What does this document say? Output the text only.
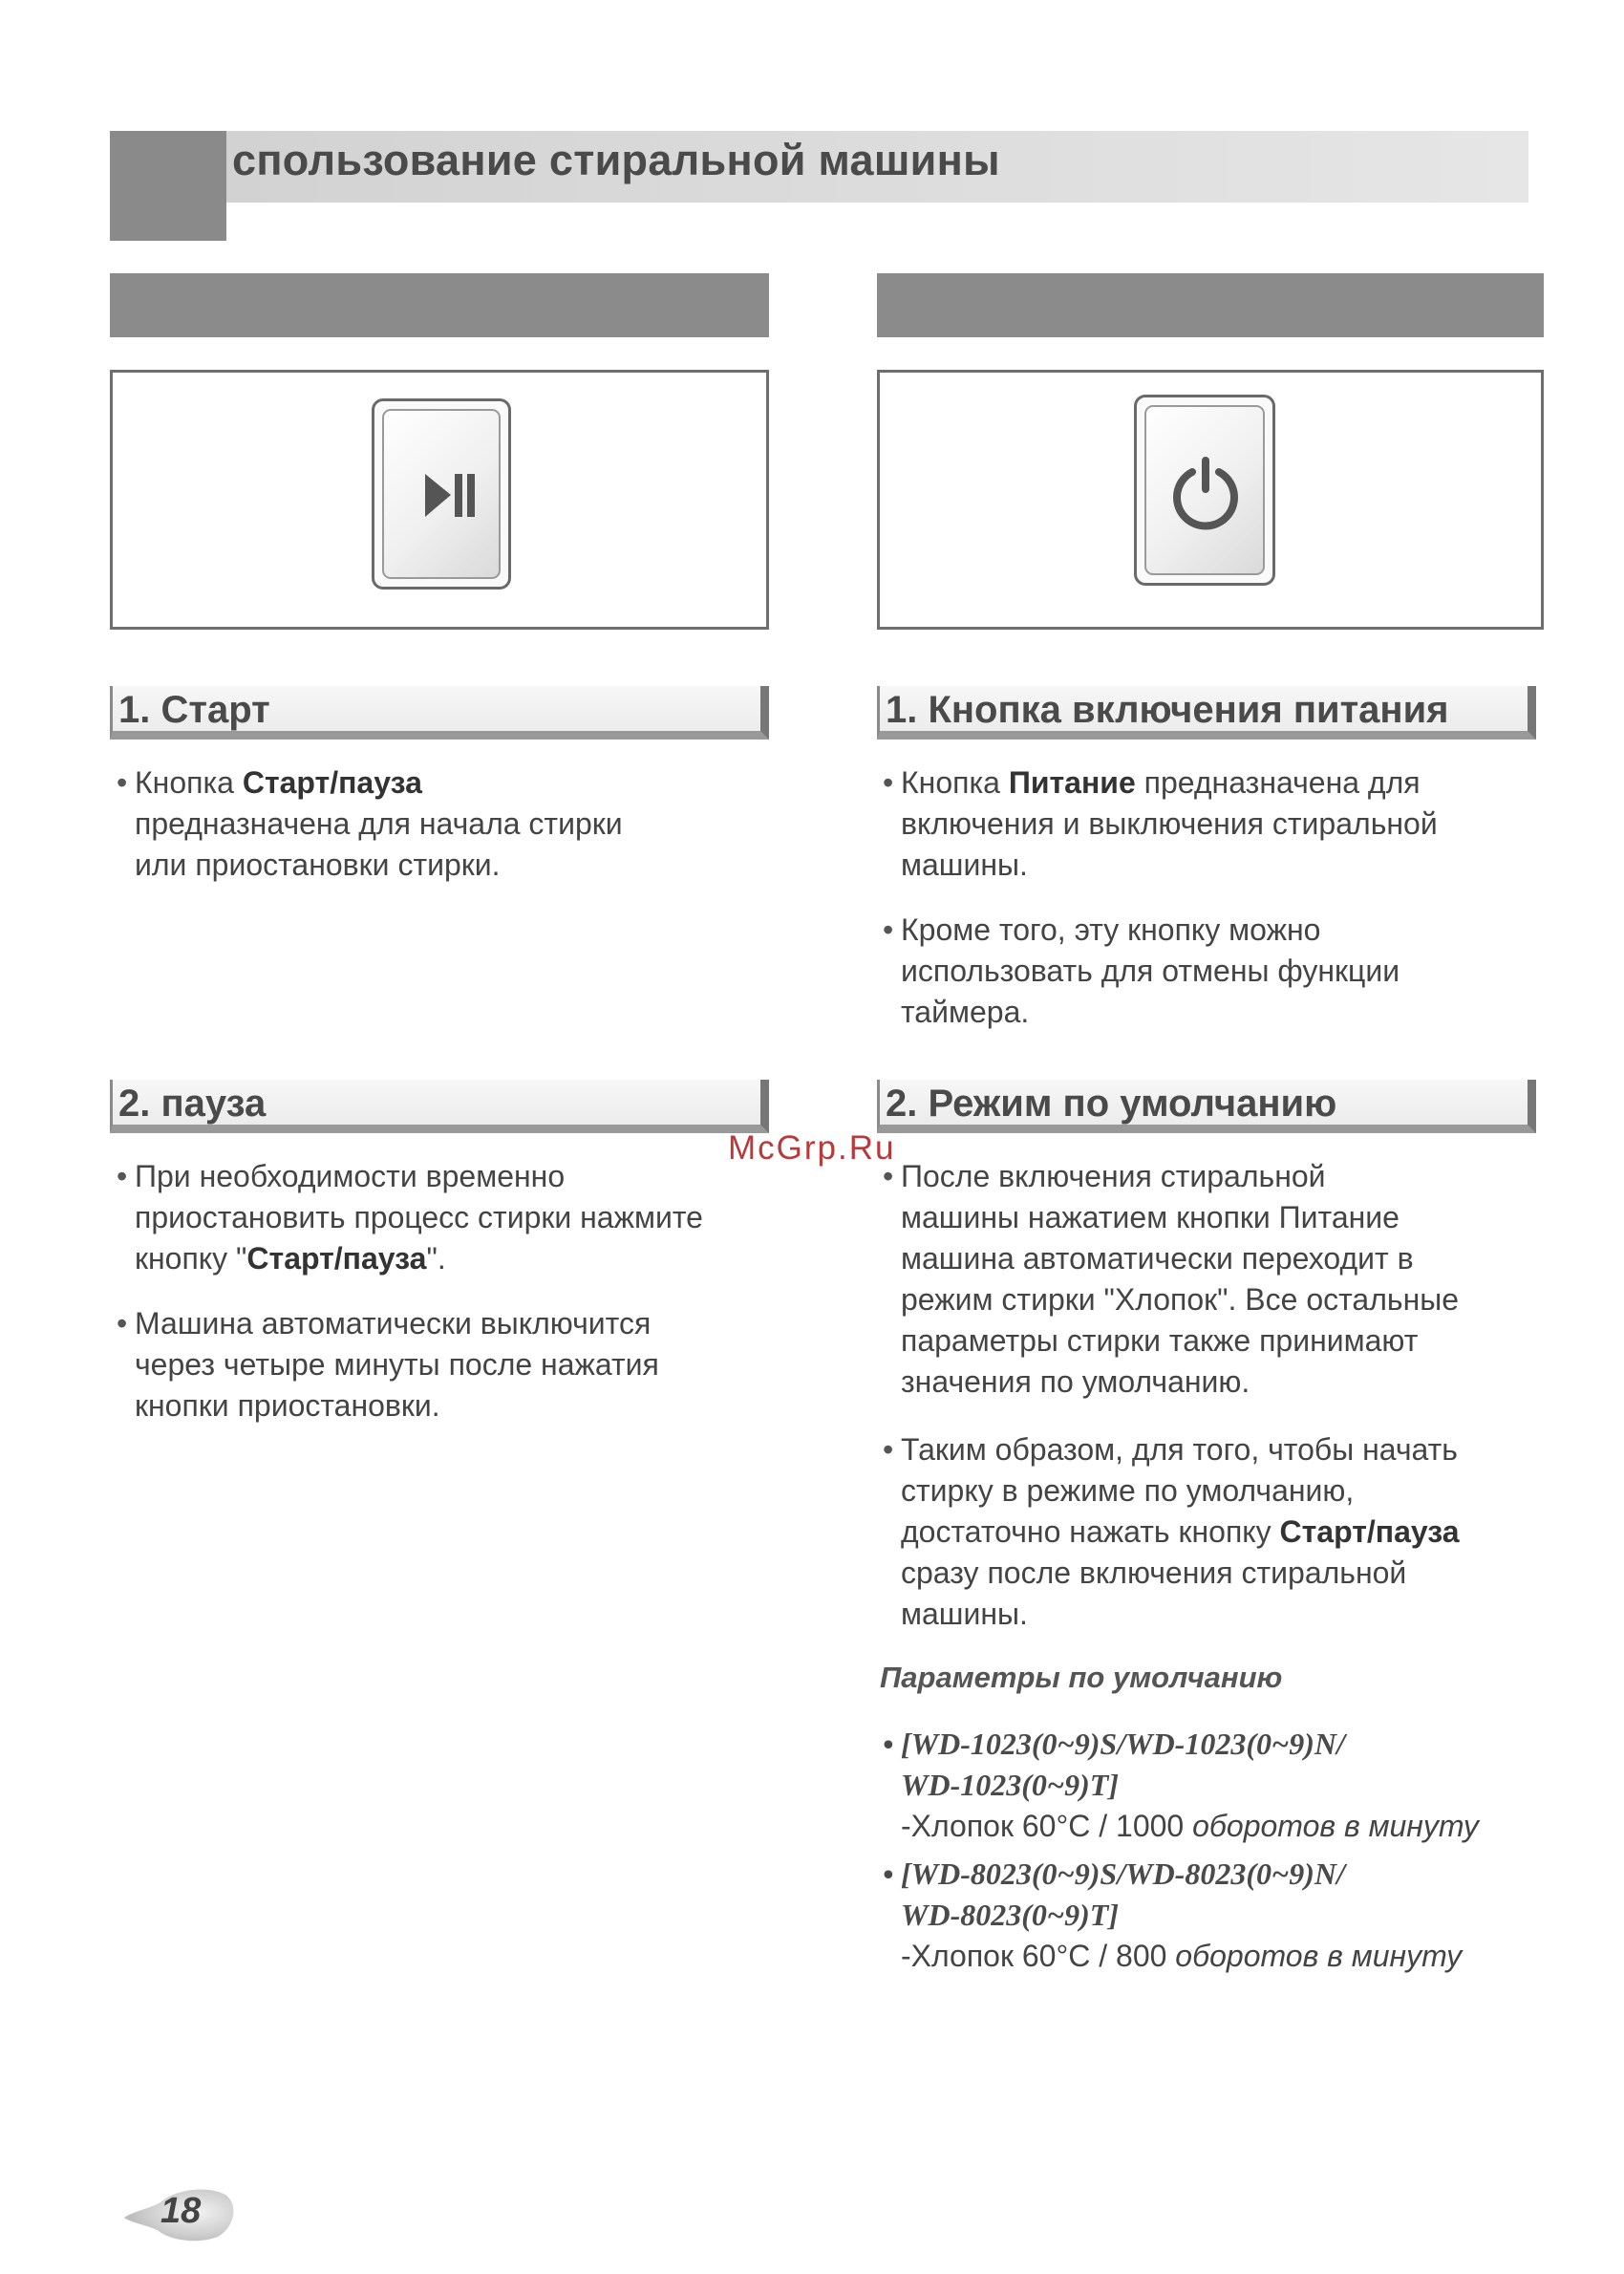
спользование стиральной машины
1. Старт
• Кнопка Старт/пауза
предназначена для начала стирки
или приостановки стирки.
2. пауза
• При необходимости временно
приостановить процесс стирки нажмите
кнопку "Старт/пауза".
• Машина автоматически выключится
через четыре минуты после нажатия
кнопки приостановки.
1. Кнопка включения питания
• Кнопка Питание предназначена для
включения и выключения стиральной
машины.
• Кроме того, эту кнопку можно
использовать для отмены функции
таймера.
2. Режим по умолчанию
• После включения стиральной
машины нажатием кнопки Питание
машина автоматически переходит в
режим стирки "Хлопок". Все остальные
параметры стирки также принимают
значения по умолчанию.
• Таким образом, для того, чтобы начать
стирку в режиме по умолчанию,
достаточно нажать кнопку Старт/пауза
сразу после включения стиральной
машины.
Параметры по умолчанию
• [WD-1023(0~9)S/WD-1023(0~9)N/
WD-1023(0~9)T]
-Хлопок 60°C / 1000 оборотов в минуту
• [WD-8023(0~9)S/WD-8023(0~9)N/
WD-8023(0~9)T]
-Хлопок 60°C / 800 оборотов в минуту
McGrp.Ru
18
